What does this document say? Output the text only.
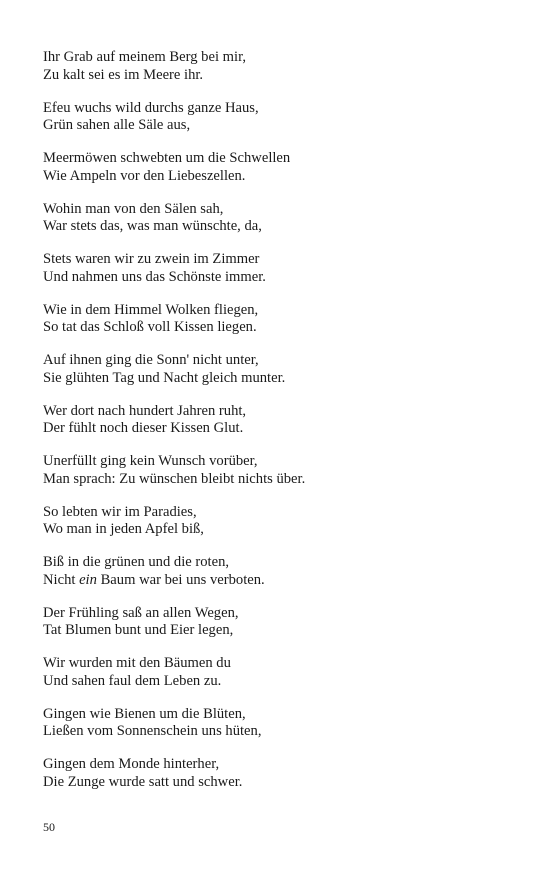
Ihr Grab auf meinem Berg bei mir,
Zu kalt sei es im Meere ihr.
Efeu wuchs wild durchs ganze Haus,
Grün sahen alle Säle aus,
Meermöwen schwebten um die Schwellen
Wie Ampeln vor den Liebeszellen.
Wohin man von den Sälen sah,
War stets das, was man wünschte, da,
Stets waren wir zu zwein im Zimmer
Und nahmen uns das Schönste immer.
Wie in dem Himmel Wolken fliegen,
So tat das Schloß voll Kissen liegen.
Auf ihnen ging die Sonn' nicht unter,
Sie glühten Tag und Nacht gleich munter.
Wer dort nach hundert Jahren ruht,
Der fühlt noch dieser Kissen Glut.
Unerfüllt ging kein Wunsch vorüber,
Man sprach: Zu wünschen bleibt nichts über.
So lebten wir im Paradies,
Wo man in jeden Apfel biß,
Biß in die grünen und die roten,
Nicht ein Baum war bei uns verboten.
Der Frühling saß an allen Wegen,
Tat Blumen bunt und Eier legen,
Wir wurden mit den Bäumen du
Und sahen faul dem Leben zu.
Gingen wie Bienen um die Blüten,
Ließen vom Sonnenschein uns hüten,
Gingen dem Monde hinterher,
Die Zunge wurde satt und schwer.
50
